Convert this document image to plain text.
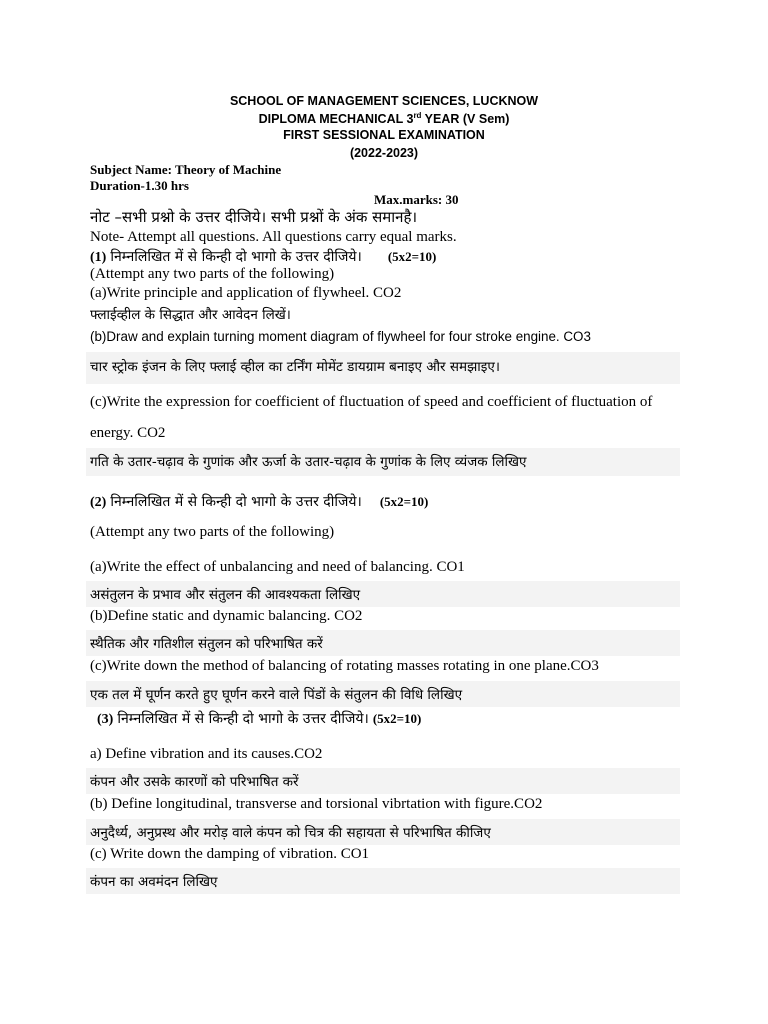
SCHOOL OF MANAGEMENT SCIENCES, LUCKNOW
DIPLOMA MECHANICAL 3rd YEAR (V Sem)
FIRST SESSIONAL EXAMINATION
(2022-2023)
Subject Name: Theory of Machine
Duration-1.30 hrs
Max.marks: 30
नोट –सभी प्रश्नो के उत्तर दीजिये। सभी प्रश्नों के अंक समानहै।
Note- Attempt all questions. All questions carry equal marks.
(1) निम्नलिखित में से किन्ही दो भागो के उत्तर दीजिये। (5x2=10)
(Attempt any two parts of the following)
(a)Write principle and application of flywheel. CO2
फ्लाईव्हील के सिद्धात और आवेदन लिखें।
(b)Draw and explain turning moment diagram of flywheel for four stroke engine. CO3
चार स्ट्रोक इंजन के लिए फ्लाई व्हील का टर्निंग मोमेंट डायग्राम बनाइए और समझाइए।
(c)Write the expression for coefficient of fluctuation of speed and coefficient of fluctuation of
energy. CO2
गति के उतार-चढ़ाव के गुणांक और ऊर्जा के उतार-चढ़ाव के गुणांक के लिए व्यंजक लिखिए
(2) निम्नलिखित में से किन्ही दो भागो के उत्तर दीजिये। (5x2=10)
(Attempt any two parts of the following)
(a)Write the effect of unbalancing and need of balancing. CO1
असंतुलन के प्रभाव और संतुलन की आवश्यकता लिखिए
(b)Define static and dynamic balancing. CO2
स्थैतिक और गतिशील संतुलन को परिभाषित करें
(c)Write down the method of balancing of rotating masses rotating in one plane.CO3
एक तल में घूर्णन करते हुए घूर्णन करने वाले पिंडों के संतुलन की विधि लिखिए
(3) निम्नलिखित में से किन्ही दो भागो के उत्तर दीजिये। (5x2=10)
a) Define vibration and its causes.CO2
कंपन और उसके कारणों को परिभाषित करें
(b) Define longitudinal, transverse and torsional vibrtation with figure.CO2
अनुदैर्ध्य, अनुप्रस्थ और मरोड़ वाले कंपन को चित्र की सहायता से परिभाषित कीजिए
(c) Write down the damping of vibration. CO1
कंपन का अवमंदन लिखिए
